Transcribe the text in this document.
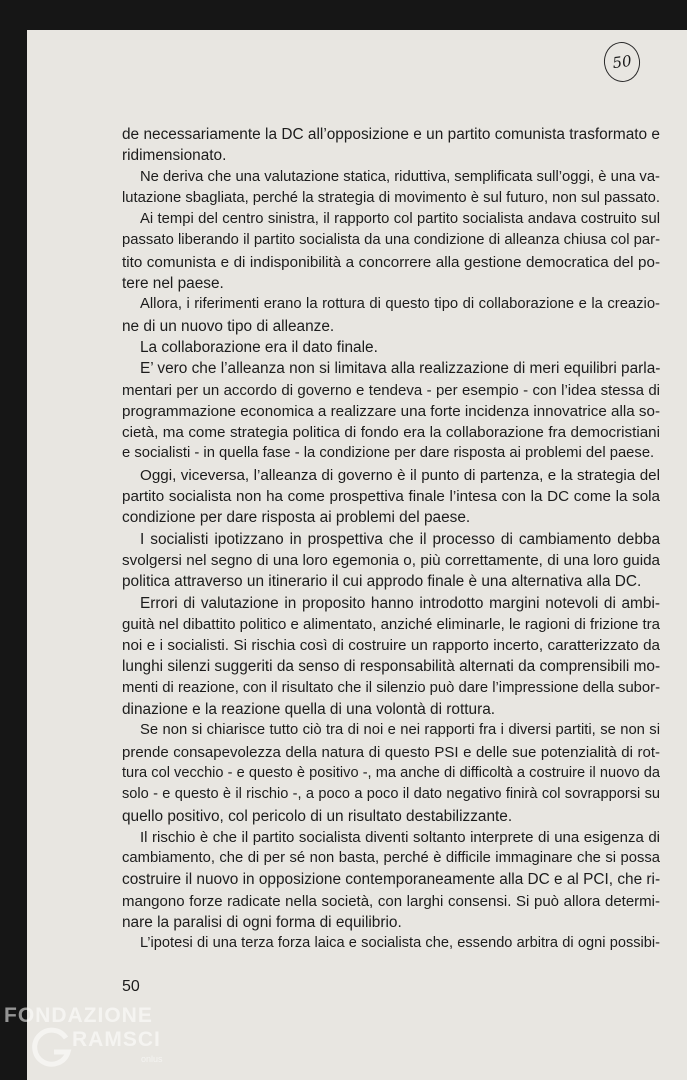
50
de necessariamente la DC all’opposizione e un partito comunista trasformato e
ridimensionato.
Ne deriva che una valutazione statica, riduttiva, semplificata sull’oggi, è una va-
lutazione sbagliata, perché la strategia di movimento è sul futuro, non sul passato.
Ai tempi del centro sinistra, il rapporto col partito socialista andava costruito sul
passato liberando il partito socialista da una condizione di alleanza chiusa col par-
tito comunista e di indisponibilità a concorrere alla gestione democratica del po-
tere nel paese.
Allora, i riferimenti erano la rottura di questo tipo di collaborazione e la creazio-
ne di un nuovo tipo di alleanze.
La collaborazione era il dato finale.
E’ vero che l’alleanza non si limitava alla realizzazione di meri equilibri parla-
mentari per un accordo di governo e tendeva - per esempio - con l’idea stessa di
programmazione economica a realizzare una forte incidenza innovatrice alla so-
cietà, ma come strategia politica di fondo era la collaborazione fra democristiani
e socialisti - in quella fase - la condizione per dare risposta ai problemi del paese.
Oggi, viceversa, l’alleanza di governo è il punto di partenza, e la strategia del
partito socialista non ha come prospettiva finale l’intesa con la DC come la sola
condizione per dare risposta ai problemi del paese.
I socialisti ipotizzano in prospettiva che il processo di cambiamento debba
svolgersi nel segno di una loro egemonia o, più correttamente, di una loro guida
politica attraverso un itinerario il cui approdo finale è una alternativa alla DC.
Errori di valutazione in proposito hanno introdotto margini notevoli di ambi-
guità nel dibattito politico e alimentato, anziché eliminarle, le ragioni di frizione tra
noi e i socialisti. Si rischia così di costruire un rapporto incerto, caratterizzato da
lunghi silenzi suggeriti da senso di responsabilità alternati da comprensibili mo-
menti di reazione, con il risultato che il silenzio può dare l’impressione della subor-
dinazione e la reazione quella di una volontà di rottura.
Se non si chiarisce tutto ciò tra di noi e nei rapporti fra i diversi partiti, se non si
prende consapevolezza della natura di questo PSI e delle sue potenzialità di rot-
tura col vecchio - e questo è positivo -, ma anche di difficoltà a costruire il nuovo da
solo - e questo è il rischio -, a poco a poco il dato negativo finirà col sovrapporsi su
quello positivo, col pericolo di un risultato destabilizzante.
Il rischio è che il partito socialista diventi soltanto interprete di una esigenza di
cambiamento, che di per sé non basta, perché è difficile immaginare che si possa
costruire il nuovo in opposizione contemporaneamente alla DC e al PCI, che ri-
mangono forze radicate nella società, con larghi consensi. Si può allora determi-
nare la paralisi di ogni forma di equilibrio.
L’ipotesi di una terza forza laica e socialista che, essendo arbitra di ogni possibi-
50
FONDAZIONE
RAMSCI
onlus
